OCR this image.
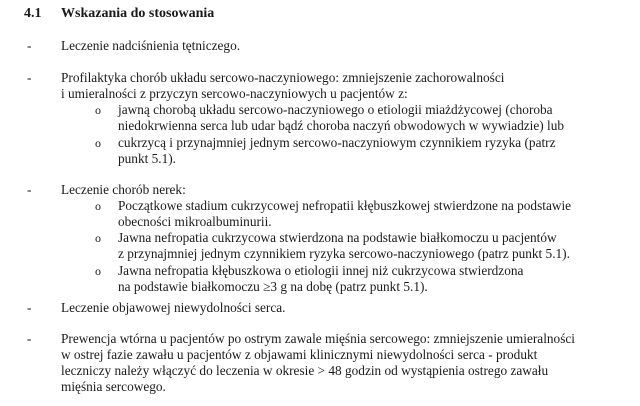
4.1 Wskazania do stosowania
- Leczenie nadciśnienia tętniczego.
- Profilaktyka chorób układu sercowo-naczyniowego: zmniejszenie zachorowalności
i umieralności z przyczyn sercowo-naczyniowych u pacjentów z:
o jawną chorobą układu sercowo-naczyniowego o etiologii miażdżycowej (choroba
niedokrwienna serca lub udar bądź choroba naczyń obwodowych w wywiadzie) lub
o cukrzycą i przynajmniej jednym sercowo-naczyniowym czynnikiem ryzyka (patrz
punkt 5.1).
- Leczenie chorób nerek:
o Początkowe stadium cukrzycowej nefropatii kłębuszkowej stwierdzone na podstawie
obecności mikroalbuminurii.
o Jawna nefropatia cukrzycowa stwierdzona na podstawie białkomoczu u pacjentów
z przynajmniej jednym czynnikiem ryzyka sercowo-naczyniowego (patrz punkt 5.1).
o Jawna nefropatia kłębuszkowa o etiologii innej niż cukrzycowa stwierdzona
na podstawie białkomoczu ≥3 g na dobę (patrz punkt 5.1).
- Leczenie objawowej niewydolności serca.
- Prewencja wtórna u pacjentów po ostrym zawale mięśnia sercowego: zmniejszenie umieralności
w ostrej fazie zawału u pacjentów z objawami klinicznymi niewydolności serca - produkt
leczniczy należy włączyć do leczenia w okresie > 48 godzin od wystąpienia ostrego zawału
mięśnia sercowego.
